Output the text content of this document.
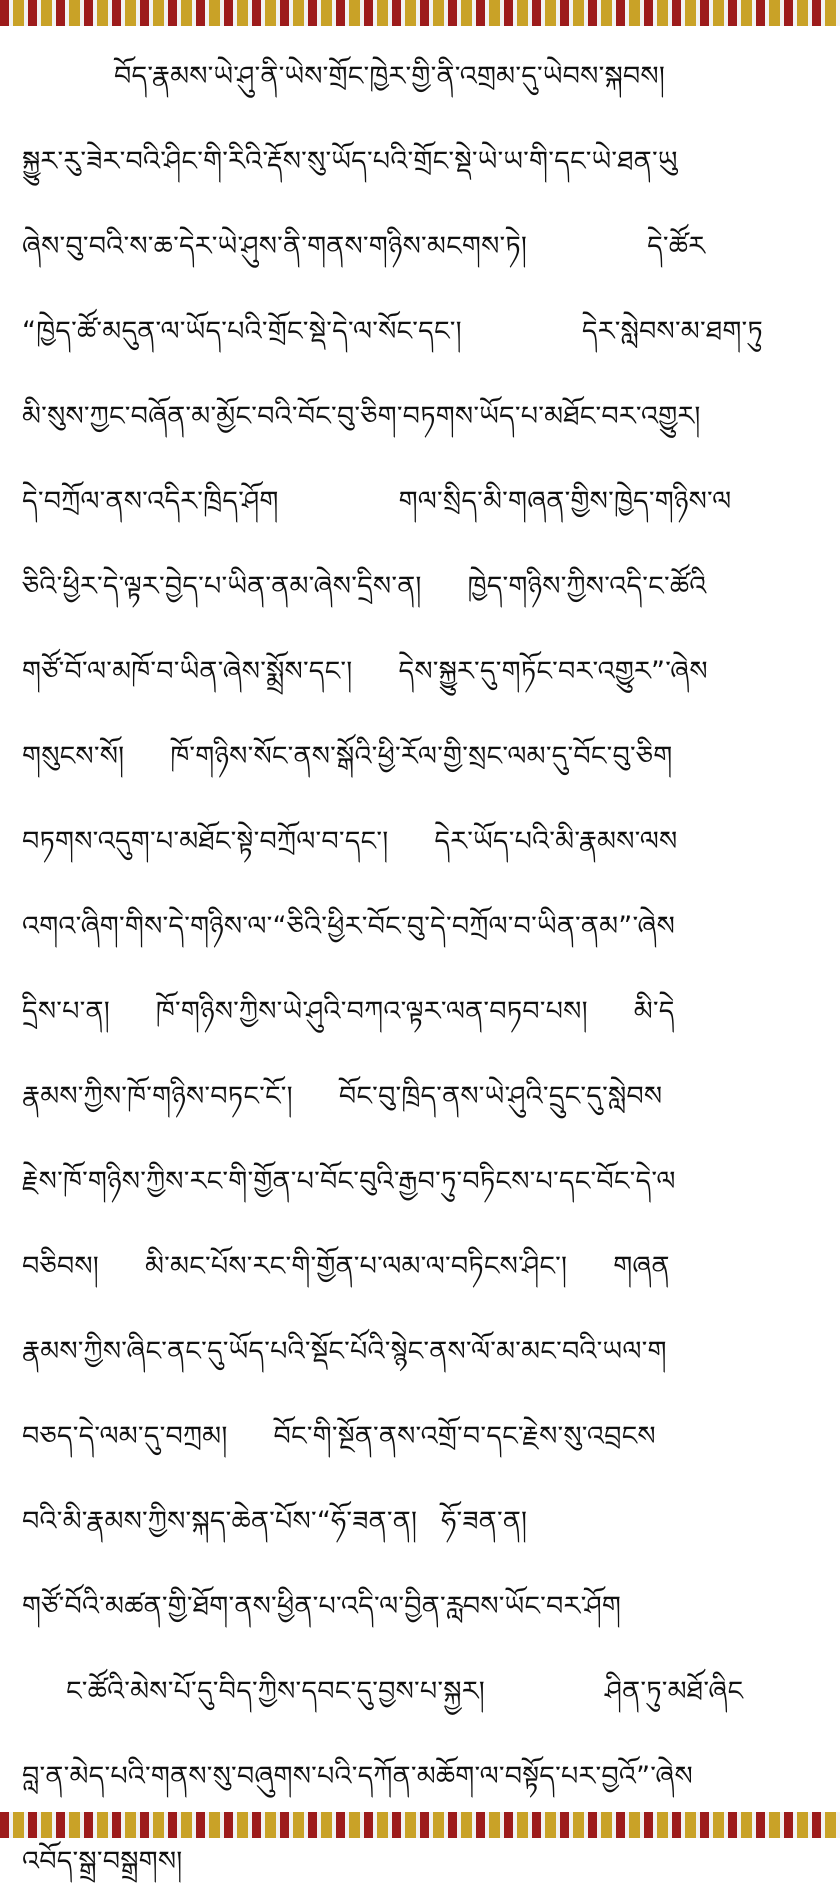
བོད་རྣམས་ཡེ་ཤུ་ནི་ཡེས་གྲོང་ཁྱེར་གྱི་ནི་འགྲམ་དུ་ཡེབས་སྐབས།
སྐྱུར་རུ་ཟེར་བའི་ཤིང་གི་རིའི་རྡོས་སུ་ཡོད་པའི་གྲོང་སྡེ་ཡེ་ཡ་གི་དང་ཡེ་ཐན་ཡུ
ཞེས་བུ་བའི་ས་ཆ་དེར་ཡེ་ཤུས་ནི་གནས་གཉིས་མངགས་ཏེ།	དེ་ཚོར
“ཁྱེད་ཚོ་མདུན་ལ་ཡོད་པའི་གྲོང་སྡེ་དེ་ལ་སོང་དང་།	དེར་སླེབས་མ་ཐག་ཏུ
མི་སུས་ཀྱང་བཞོན་མ་མྱོང་བའི་བོང་བུ་ཅིག་བཏགས་ཡོད་པ་མཐོང་བར་འགྱུར།
དེ་བཀྲོལ་ནས་འདིར་ཁྲིད་ཤོག	གལ་སྲིད་མི་གཞན་གྱིས་ཁྱེད་གཉིས་ལ
ཅིའི་ཕྱིར་དེ་ལྟར་བྱེད་པ་ཡིན་ནམ་ཞེས་དྲིས་ན། ཁྱེད་གཉིས་ཀྱིས་འདི་ང་ཚོའི
གཙོ་བོ་ལ་མཁོ་བ་ཡིན་ཞེས་སྨྲོས་དང་། དེས་སྐྱུར་དུ་གཏོང་བར་འགྱུར”་ཞེས
གསུངས་སོ། ཁོ་གཉིས་སོང་ནས་སྒོའི་ཕྱི་རོལ་གྱི་སྲང་ལམ་དུ་བོང་བུ་ཅིག
བཏགས་འདུག་པ་མཐོང་སྟེ་བཀྲོལ་བ་དང་། དེར་ཡོད་པའི་མི་རྣམས་ལས
འགའ་ཞིག་གིས་དེ་གཉིས་ལ་“ཅིའི་ཕྱིར་བོང་བུ་དེ་བཀྲོལ་བ་ཡིན་ནམ”་ཞེས
དྲིས་པ་ན། ཁོ་གཉིས་ཀྱིས་ཡེ་ཤུའི་བཀའ་ལྟར་ལན་བཏབ་པས། མི་དེ
རྣམས་ཀྱིས་ཁོ་གཉིས་བཏང་ངོ་། བོང་བུ་ཁྲིད་ནས་ཡེ་ཤུའི་དྲུང་དུ་སླེབས
རྗེས་ཁོ་གཉིས་ཀྱིས་རང་གི་གྱོན་པ་བོང་བུའི་རྒྱབ་ཏུ་བཏིངས་པ་དང་བོང་དེ་ལ
བཅིབས། མི་མང་པོས་རང་གི་གྱོན་པ་ལམ་ལ་བཏིངས་ཤིང་། གཞན
རྣམས་ཀྱིས་ཞིང་ནང་དུ་ཡོད་པའི་སྡོང་པོའི་སྙེང་ནས་ལོ་མ་མང་བའི་ཡལ་ག
བཅད་དེ་ལམ་དུ་བཀྲམ། བོང་གི་སྔོན་ནས་འགྲོ་བ་དང་རྗེས་སུ་འབྲངས
བའི་མི་རྣམས་ཀྱིས་སྐད་ཆེན་པོས་“ཧོ་ཟན་ན། ཧོ་ཟན་ན།
གཙོ་བོའི་མཚན་གྱི་ཐོག་ནས་ཕྱིན་པ་འདི་ལ་བྱིན་རླབས་ཡོང་བར་ཤོག
ང་ཚོའི་མེས་པོ་དུ་བིད་ཀྱིས་དབང་དུ་བྱས་པ་སྐྱར།	ཤིན་ཏུ་མཐོ་ཞིང
བླ་ན་མེད་པའི་གནས་སུ་བཞུགས་པའི་དཀོན་མཆོག་ལ་བསྟོད་པར་བྱའོ”་ཞེས
འབོད་སྒྲ་བསྒྲགས།
